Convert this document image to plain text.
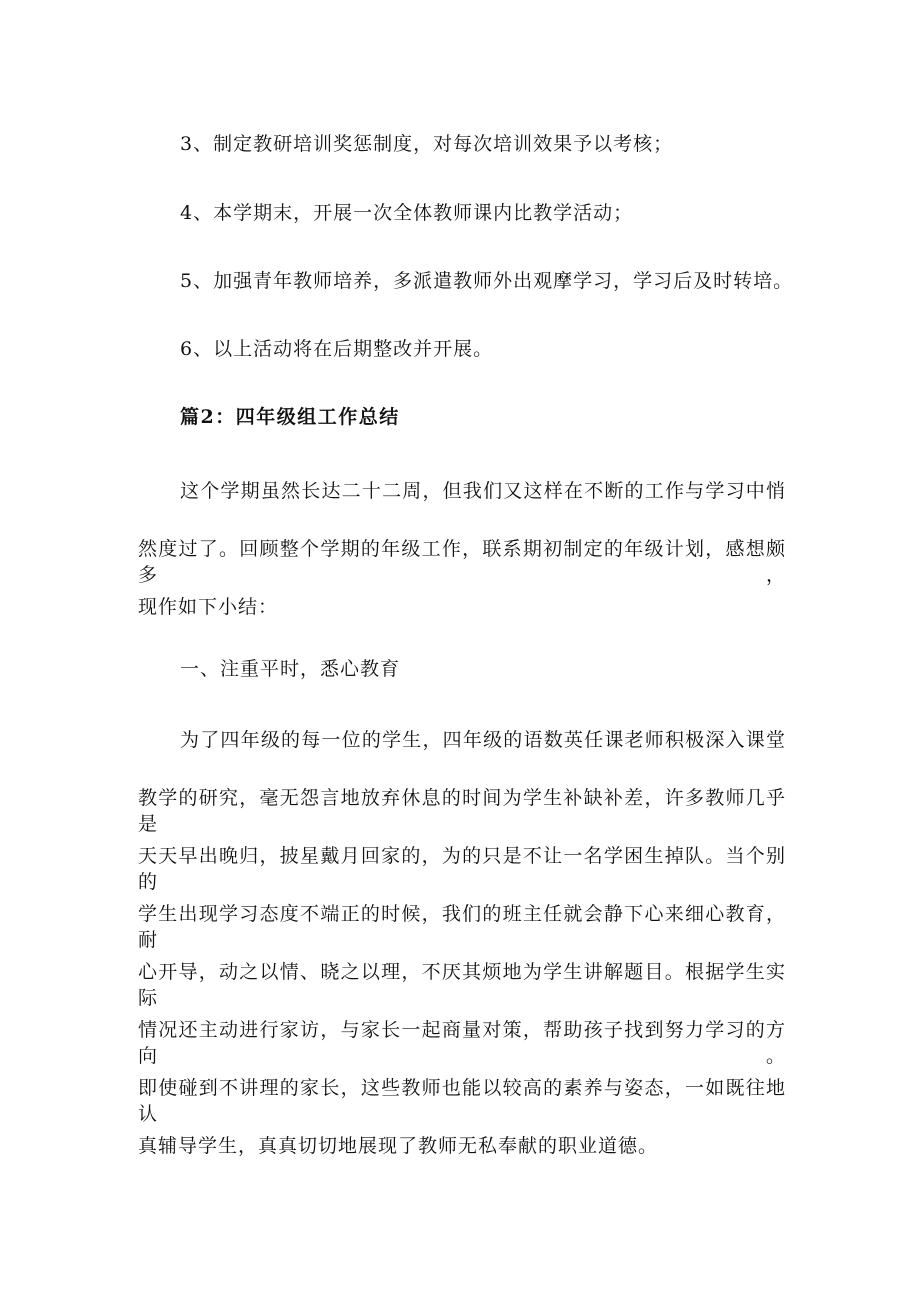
3、制定教研培训奖惩制度，对每次培训效果予以考核；
4、本学期末，开展一次全体教师课内比教学活动；
5、加强青年教师培养，多派遣教师外出观摩学习，学习后及时转培。
6、以上活动将在后期整改并开展。
篇2：四年级组工作总结
这个学期虽然长达二十二周，但我们又这样在不断的工作与学习中悄
然度过了。回顾整个学期的年级工作，联系期初制定的年级计划，感想颇多，
现作如下小结：
一、注重平时，悉心教育
为了四年级的每一位的学生，四年级的语数英任课老师积极深入课堂
教学的研究，毫无怨言地放弃休息的时间为学生补缺补差，许多教师几乎是
天天早出晚归，披星戴月回家的，为的只是不让一名学困生掉队。当个别的
学生出现学习态度不端正的时候，我们的班主任就会静下心来细心教育，耐
心开导，动之以情、晓之以理，不厌其烦地为学生讲解题目。根据学生实际
情况还主动进行家访，与家长一起商量对策，帮助孩子找到努力学习的方向。
即使碰到不讲理的家长，这些教师也能以较高的素养与姿态，一如既往地认
真辅导学生，真真切切地展现了教师无私奉献的职业道德。
